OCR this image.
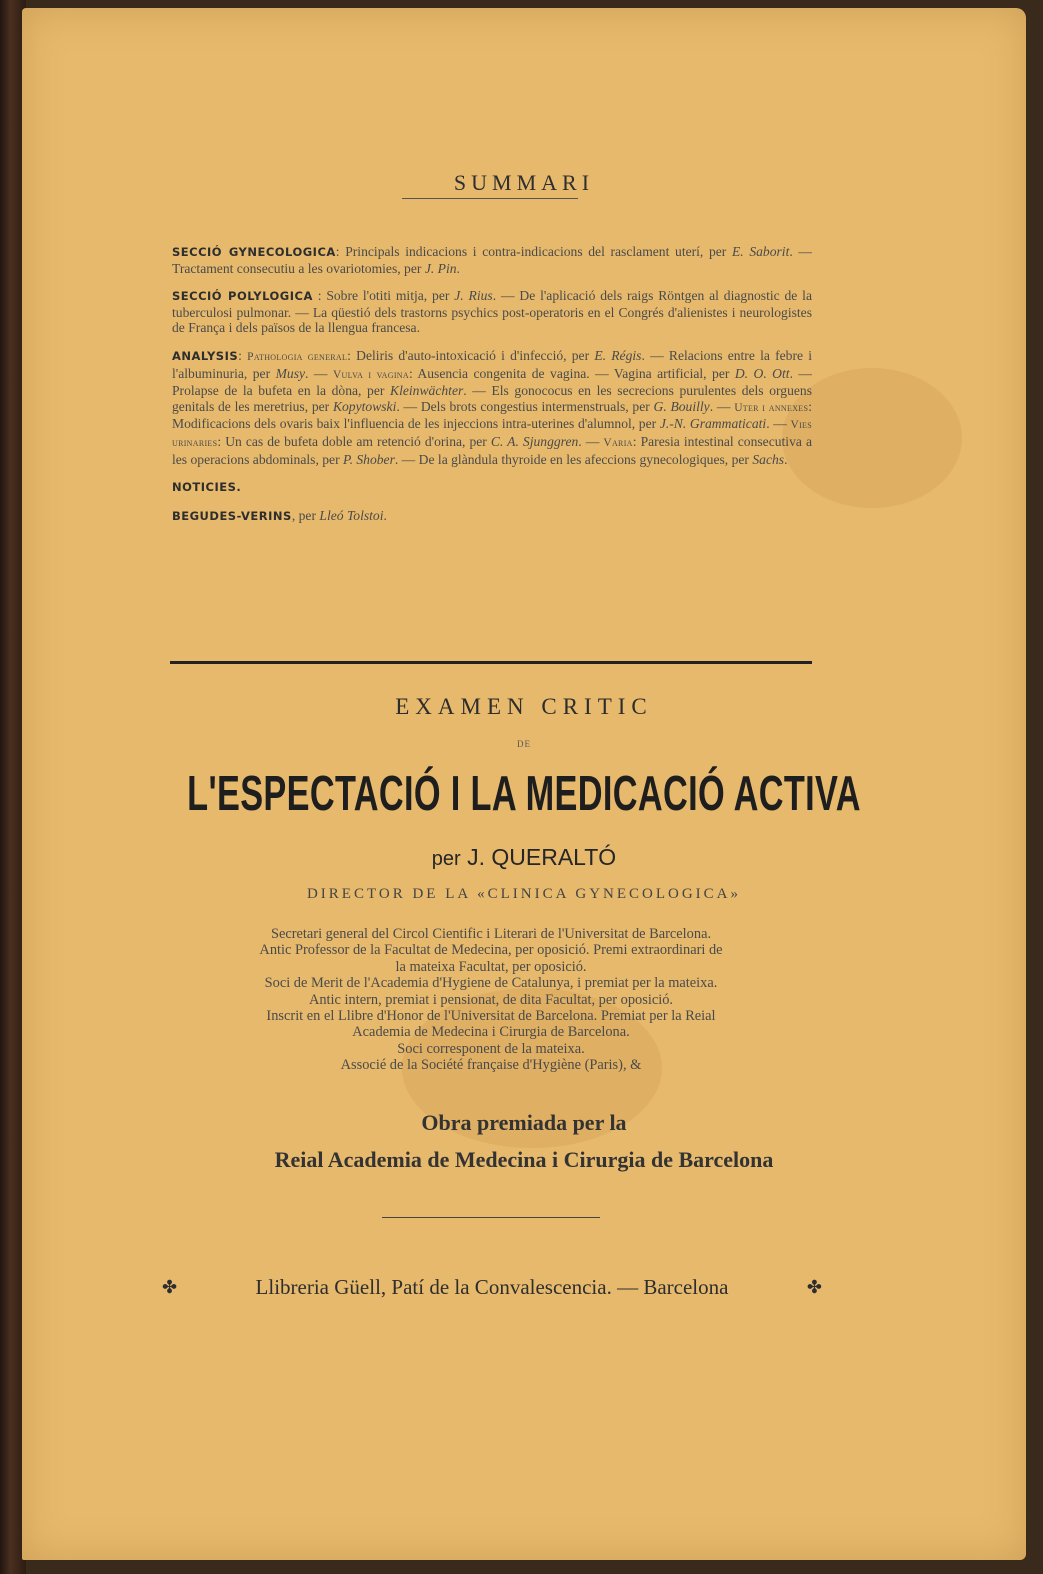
SUMMARI
SECCIÓ GYNECOLOGICA: Principals indicacions i contra-indicacions del rasclament uterí, per E. Saborit. — Tractament consecutiu a les ovariotomies, per J. Pin.
SECCIÓ POLYLOGICA : Sobre l'otiti mitja, per J. Rius. — De l'aplicació dels raigs Röntgen al diagnostic de la tuberculosi pulmonar. — La qüestió dels trastorns psychics post-operatoris en el Congrés d'alienistes i neurologistes de França i dels països de la llengua francesa.
ANALYSIS: Pathologia general: Deliris d'auto-intoxicació i d'infecció, per E. Régis. — Relacions entre la febre i l'albuminuria, per Musy. — Vulva i vagina: Ausencia congenita de vagina. — Vagina artificial, per D. O. Ott. — Prolapse de la bufeta en la dòna, per Kleinwächter. — Els gonococus en les secrecions purulentes dels orguens genitals de les meretrius, per Kopytowski. — Dels brots congestius intermenstruals, per G. Bouilly. — Uter i annexes: Modificacions dels ovaris baix l'influencia de les injeccions intra-uterines d'alumnol, per J.-N. Grammaticati. — Vies urinaries: Un cas de bufeta doble am retenció d'orina, per C. A. Sjunggren. — Varia: Paresia intestinal consecutiva a les operacions abdominals, per P. Shober. — De la glàndula thyroide en les afeccions gynecologiques, per Sachs.
NOTICIES.
BEGUDES-VERINS, per Lleó Tolstoi.
EXAMEN CRITIC
DE
L'ESPECTACIÓ I LA MEDICACIÓ ACTIVA
per J. QUERALTÓ
DIRECTOR DE LA «CLINICA GYNECOLOGICA»
Secretari general del Circol Cientific i Literari de l'Universitat de Barcelona.
Antic Professor de la Facultat de Medecina, per oposició. Premi extraordinari de
la mateixa Facultat, per oposició.
Soci de Merit de l'Academia d'Hygiene de Catalunya, i premiat per la mateixa.
Antic intern, premiat i pensionat, de dita Facultat, per oposició.
Inscrit en el Llibre d'Honor de l'Universitat de Barcelona. Premiat per la Reial
Academia de Medecina i Cirurgia de Barcelona.
Soci corresponent de la mateixa.
Associé de la Société française d'Hygiène (Paris), &
Obra premiada per la
Reial Academia de Medecina i Cirurgia de Barcelona
✤	Llibreria Güell, Patí de la Convalescencia. — Barcelona	✤
